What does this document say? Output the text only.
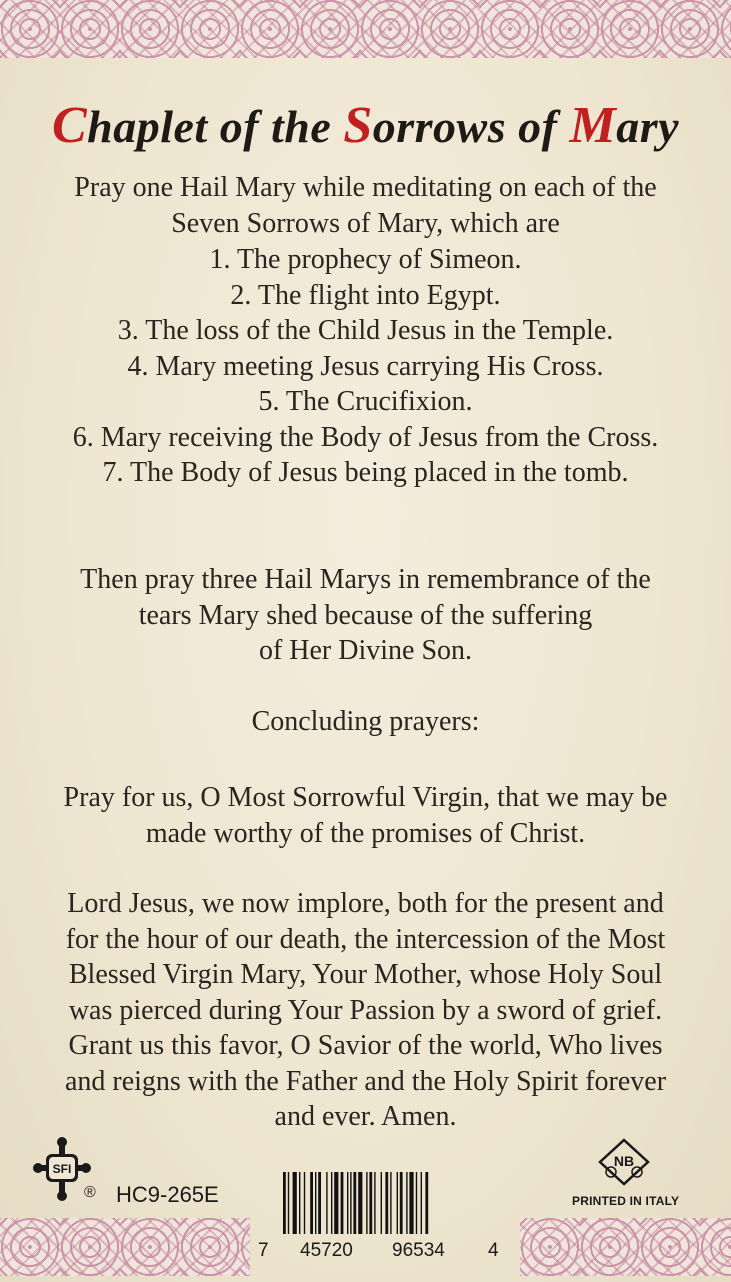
Chaplet of the Sorrows of Mary

Pray one Hail Mary while meditating on each of the
Seven Sorrows of Mary, which are

1. The prophecy of Simeon.
2. The flight into Egypt.
3. The loss of the Child Jesus in the Temple.
4. Mary meeting Jesus carrying His Cross.
5. The Crucifixion.
6. Mary receiving the Body of Jesus from the Cross.
7. The Body of Jesus being placed in the tomb.

Then pray three Hail Marys in remembrance of the
tears Mary shed because of the suffering
of Her Divine Son.

Concluding prayers:

Pray for us, O Most Sorrowful Virgin, that we may be
made worthy of the promises of Christ.

Lord Jesus, we now implore, both for the present and
for the hour of our death, the intercession of the Most
Blessed Virgin Mary, Your Mother, whose Holy Soul
was pierced during Your Passion by a sword of grief.
Grant us this favor, O Savior of the world, Who lives
and reigns with the Father and the Holy Spirit forever
and ever. Amen.

SFI
® HC9-265E
7 45720 96534 4
NB
PRINTED IN ITALY
